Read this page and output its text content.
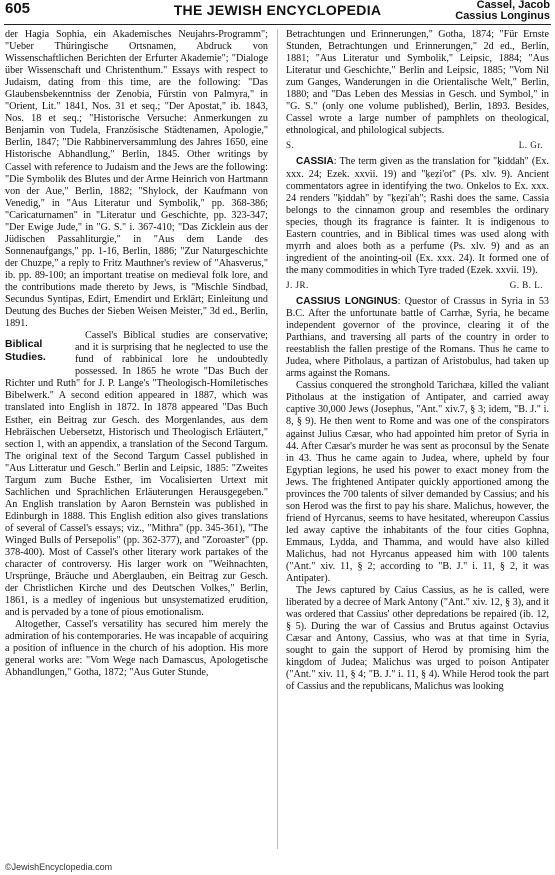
605	THE JEWISH ENCYCLOPEDIA	Cassel, Jacob
Cassius Longinus

der Hagia Sophia, ein Akademisches Neujahrs-Programm"; "Ueber Thüringische Ortsnamen, Abdruck von Wissenschaftlichen Berichten der Erfurter Akademie"; "Dialoge über Wissenschaft und Christenthum." Essays with respect to Judaism, dating from this time, are the following: "Das Glaubensbekenntniss der Zenobia, Fürstin von Palmyra," in "Orient, Lit." 1841, Nos. 31 et seq.; "Der Apostat," ib. 1843, Nos. 18 et seq.; "Historische Versuche: Anmerkungen zu Benjamin von Tudela, Französische Städtenamen, Apologie," Berlin, 1847; "Die Rabbinerversammlung des Jahres 1650, eine Historische Abhandlung," Berlin, 1845. Other writings by Cassel with reference to Judaism and the Jews are the following: "Die Symbolik des Blutes und der Arme Heinrich von Hartmann von der Aue," Berlin, 1882; "Shylock, der Kaufmann von Venedig," in "Aus Literatur und Symbolik," pp. 368-386; "Caricaturnamen" in "Literatur und Geschichte, pp. 323-347; "Der Ewige Jude," in "G. S." i. 367-410; "Das Zicklein aus der Jüdischen Passahliturgie," in "Aus dem Lande des Sonnenaufgangs," pp. 1-16, Berlin, 1886; "Zur Naturgeschichte der Chuzpe," a reply to Fritz Mauthner's review of "Ahasverus," ib. pp. 89-100; an important treatise on medieval folk lore, and the contributions made thereto by Jews, is "Mischle Sindbad, Secundus Syntipas, Edirt, Emendirt und Erklärt; Einleitung und Deutung des Buches der Sieben Weisen Meister," 3d ed., Berlin, 1891.

Biblical Studies.

Cassel's Biblical studies are conservative; and it is surprising that he neglected to use the fund of rabbinical lore he undoubtedly possessed. In 1865 he wrote "Das Buch der Richter und Ruth" for J. P. Lange's "Theologisch-Homiletisches Bibelwerk." A second edition appeared in 1887, which was translated into English in 1872. In 1878 appeared "Das Buch Esther, ein Beitrag zur Gesch. des Morgenlandes, aus dem Hebräischen Uebersetzt, Historisch und Theologisch Erläutert," section 1, with an appendix, a translation of the Second Targum. The original text of the Second Targum Cassel published in "Aus Litteratur und Gesch." Berlin and Leipsic, 1885: "Zweites Targum zum Buche Esther, im Vocalisierten Urtext mit Sachlichen und Sprachlichen Erläuterungen Herausgegeben." An English translation by Aaron Bernstein was published in Edinburgh in 1888. This English edition also gives translations of several of Cassel's essays; viz., "Mithra" (pp. 345-361), "The Winged Bulls of Persepolis" (pp. 362-377), and "Zoroaster" (pp. 378-400). Most of Cassel's other literary work partakes of the character of controversy. His larger work on "Weihnachten, Ursprünge, Bräuche und Aberglauben, ein Beitrag zur Gesch. der Christlichen Kirche und des Deutschen Volkes," Berlin, 1861, is a medley of ingenious but unsystematized erudition, and is pervaded by a tone of pious emotionalism.

Altogether, Cassel's versatility has secured him merely the admiration of his contemporaries. He was incapable of acquiring a position of influence in the church of his adoption. His more general works are: "Vom Wege nach Damascus, Apologetische Abhandlungen," Gotha, 1872; "Aus Guter Stunde,

Betrachtungen und Erinnerungen," Gotha, 1874; "Für Ernste Stunden, Betrachtungen und Erinnerungen," 2d ed., Berlin, 1881; "Aus Literatur und Symbolik," Leipsic, 1884; "Aus Literatur und Geschichte," Berlin and Leipsic, 1885; "Vom Nil zum Ganges, Wanderungen in die Orientalische Welt," Berlin, 1880; and "Das Leben des Messias in Gesch. und Symbol," in "G. S." (only one volume published), Berlin, 1893. Besides, Cassel wrote a large number of pamphlets on theological, ethnological, and philological subjects.

S.	L. Gr.

CASSIA: The term given as the translation for "ḳiddah" (Ex. xxx. 24; Ezek. xxvii. 19) and "ḳeẓi'ot" (Ps. xlv. 9). Ancient commentators agree in identifying the two. Onkelos to Ex. xxx. 24 renders "ḳiddah" by "ḳeẓi'ah"; Rashi does the same. Cassia belongs to the cinnamon group and resembles the ordinary species, though its fragrance is fainter. It is indigenous to Eastern countries, and in Biblical times was used along with myrrh and aloes both as a perfume (Ps. xlv. 9) and as an ingredient of the anointing-oil (Ex. xxx. 24). It formed one of the many commodities in which Tyre traded (Ezek. xxvii. 19).

J. JR.	G. B. L.

CASSIUS LONGINUS: Questor of Crassus in Syria in 53 B.C. After the unfortunate battle of Carrhæ, Syria, he became independent governor of the province, clearing it of the Parthians, and traversing all parts of the country in order to reestablish the fallen prestige of the Romans. Thus he came to Judea, where Pitholaus, a partizan of Aristobulus, had taken up arms against the Romans.

Cassius conquered the stronghold Tarichæa, killed the valiant Pitholaus at the instigation of Antipater, and carried away captive 30,000 Jews (Josephus, "Ant." xiv.7, § 3; idem, "B. J." i. 8, § 9). He then went to Rome and was one of the conspirators against Julius Cæsar, who had appointed him pretor of Syria in 44. After Cæsar's murder he was sent as proconsul by the Senate in 43. Thus he came again to Judea, where, upheld by four Egyptian legions, he used his power to exact money from the Jews. The frightened Antipater quickly apportioned among the provinces the 700 talents of silver demanded by Cassius; and his son Herod was the first to pay his share. Malichus, however, the friend of Hyrcanus, seems to have hesitated, whereupon Cassius led away captive the inhabitants of the four cities Gophna, Emmaus, Lydda, and Thamma, and would have also killed Malichus, had not Hyrcanus appeased him with 100 talents ("Ant." xiv. 11, § 2; according to "B. J." i. 11, § 2, it was Antipater).

The Jews captured by Caius Cassius, as he is called, were liberated by a decree of Mark Antony ("Ant." xiv. 12, § 3), and it was ordered that Cassius' other depredations be repaired (ib. 12, § 5). During the war of Cassius and Brutus against Octavius Cæsar and Antony, Cassius, who was at that time in Syria, sought to gain the support of Herod by promising him the kingdom of Judea; Malichus was urged to poison Antipater ("Ant." xiv. 11, § 4; "B. J." i. 11, § 4). While Herod took the part of Cassius and the republicans, Malichus was looking

©JewishEncyclopedia.com
